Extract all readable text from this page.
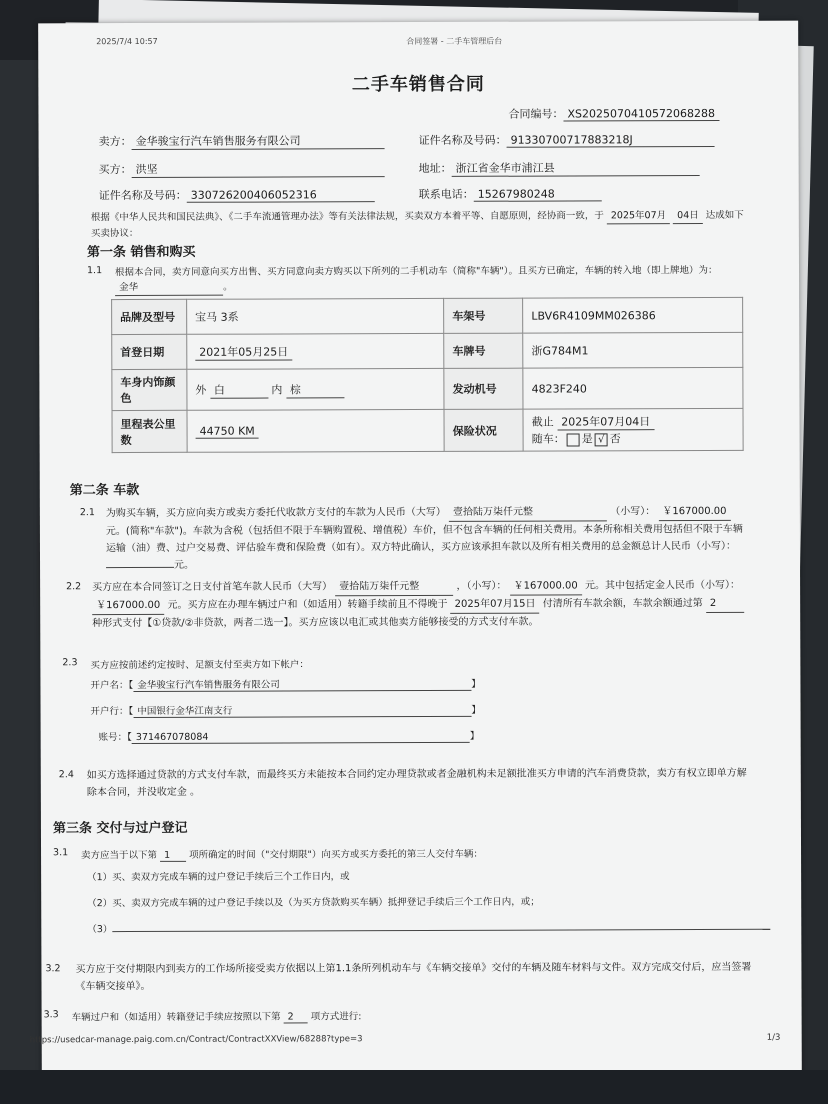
2025/7/4 10:57	合同签署 - 二手车管理后台
二手车销售合同
合同编号： XS2025070410572068288
卖方： 金华骏宝行汽车销售服务有限公司	证件名称及号码： 91330700717883218J
买方： 洪坚	地址： 浙江省金华市浦江县
证件名称及号码： 330726200406052316	联系电话： 15267980248
根据《中华人民共和国民法典》、《二手车流通管理办法》等有关法律法规，买卖双方本着平等、自愿原则，经协商一致，于 2025年07月 04日 达成如下买卖协议：
第一条 销售和购买
1.1 根据本合同，卖方同意向买方出售、买方同意向卖方购买以下所列的二手机动车（简称"车辆"）。且买方已确定，车辆的转入地（即上牌地）为： 金华	。
品牌及型号	宝马 3系	车架号	LBV6R4109MM026386
首登日期	2021年05月25日	车牌号	浙G784M1
车身内饰颜色	外 白 内 棕	发动机号	4823F240
里程表公里数	44750 KM	保险状况	截止 2025年07月04日
随车： 是 √ 否
第二条 车款
2.1 为购买车辆，买方应向卖方或卖方委托代收款方支付的车款为人民币（大写） 壹拾陆万柒仟元整	（小写）： ￥167000.00 元。(简称"车款")。车款为含税（包括但不限于车辆购置税、增值税）车价，但不包含车辆的任何相关费用。本条所称相关费用包括但不限于车辆运输（油）费、过户交易费、评估验车费和保险费（如有）。双方特此确认，买方应该承担车款以及所有相关费用的总金额总计人民币（小写）： 元。
2.2 买方应在本合同签订之日支付首笔车款人民币（大写） 壹拾陆万柒仟元整	，（小写）： ￥167000.00 元。其中包括定金人民币（小写）： ￥167000.00 元。买方应在办理车辆过户和（如适用）转籍手续前且不得晚于 2025年07月15日 付清所有车款余额，车款余额通过第 2 种形式支付【①贷款/②非贷款，两者二选一】。买方应该以电汇或其他卖方能够接受的方式支付车款。
2.3 买方应按前述约定按时、足额支付至卖方如下帐户：
开户名：【 金华骏宝行汽车销售服务有限公司	】
开户行：【 中国银行金华江南支行	】
账号：【 371467078084	】
2.4 如买方选择通过贷款的方式支付车款，而最终买方未能按本合同约定办理贷款或者金融机构未足额批准买方申请的汽车消费贷款，卖方有权立即单方解除本合同，并没收定金 。
第三条 交付与过户登记
3.1 卖方应当于以下第 1 项所确定的时间（"交付期限"）向买方或买方委托的第三人交付车辆：
（1）买、卖双方完成车辆的过户登记手续后三个工作日内，或
（2）买、卖双方完成车辆的过户登记手续以及（为买方贷款购买车辆）抵押登记手续后三个工作日内，或；
（3）
3.2 买方应于交付期限内到卖方的工作场所接受卖方依据以上第1.1条所列机动车与《车辆交接单》交付的车辆及随车材料与文件。双方完成交付后，应当签署《车辆交接单》。
3.3 车辆过户和（如适用）转籍登记手续应按照以下第 2 项方式进行:
https://usedcar-manage.paig.com.cn/Contract/ContractXXView/68288?type=3	1/3
